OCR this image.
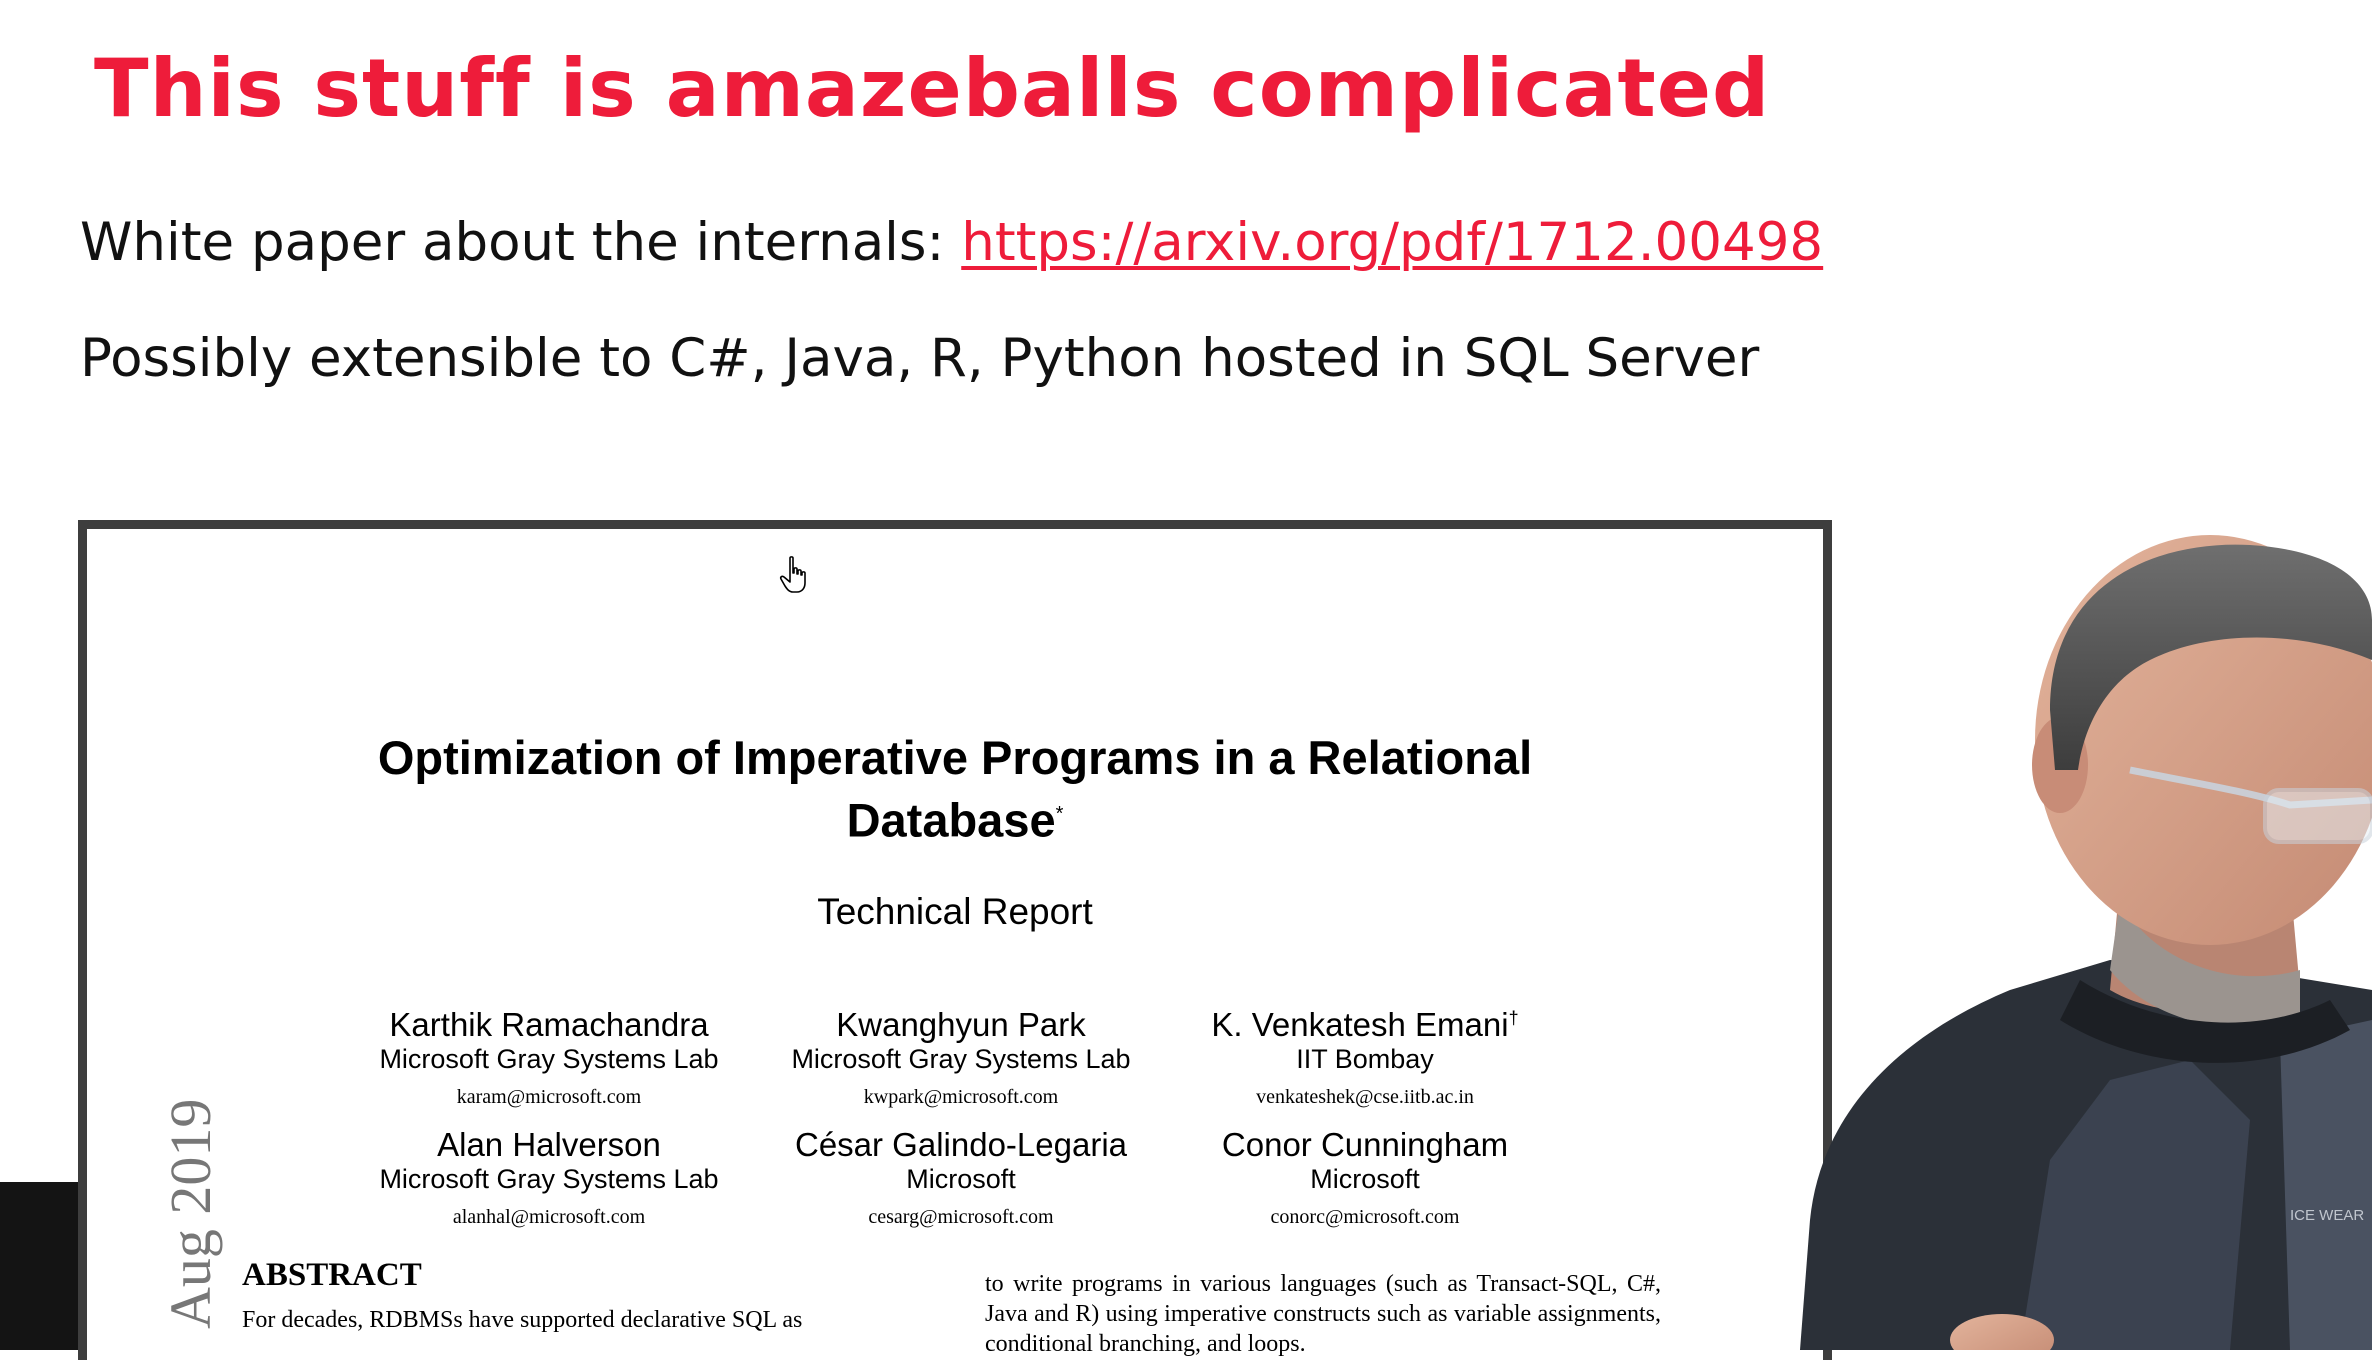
This stuff is amazeballs complicated
White paper about the internals: https://arxiv.org/pdf/1712.00498
Possibly extensible to C#, Java, R, Python hosted in SQL Server
Optimization of Imperative Programs in a Relational
Database*
Technical Report
Karthik Ramachandra
Microsoft Gray Systems Lab
karam@microsoft.com
Kwanghyun Park
Microsoft Gray Systems Lab
kwpark@microsoft.com
K. Venkatesh Emani†
IIT Bombay
venkateshek@cse.iitb.ac.in
Alan Halverson
Microsoft Gray Systems Lab
alanhal@microsoft.com
César Galindo-Legaria
Microsoft
cesarg@microsoft.com
Conor Cunningham
Microsoft
conorc@microsoft.com
Aug 2019 ABSTRACT
For decades, RDBMSs have supported declarative SQL as
to write programs in various languages (such as Transact-SQL, C#, Java and R) using imperative constructs such as variable assignments, conditional branching, and loops.
ICE WEAR
